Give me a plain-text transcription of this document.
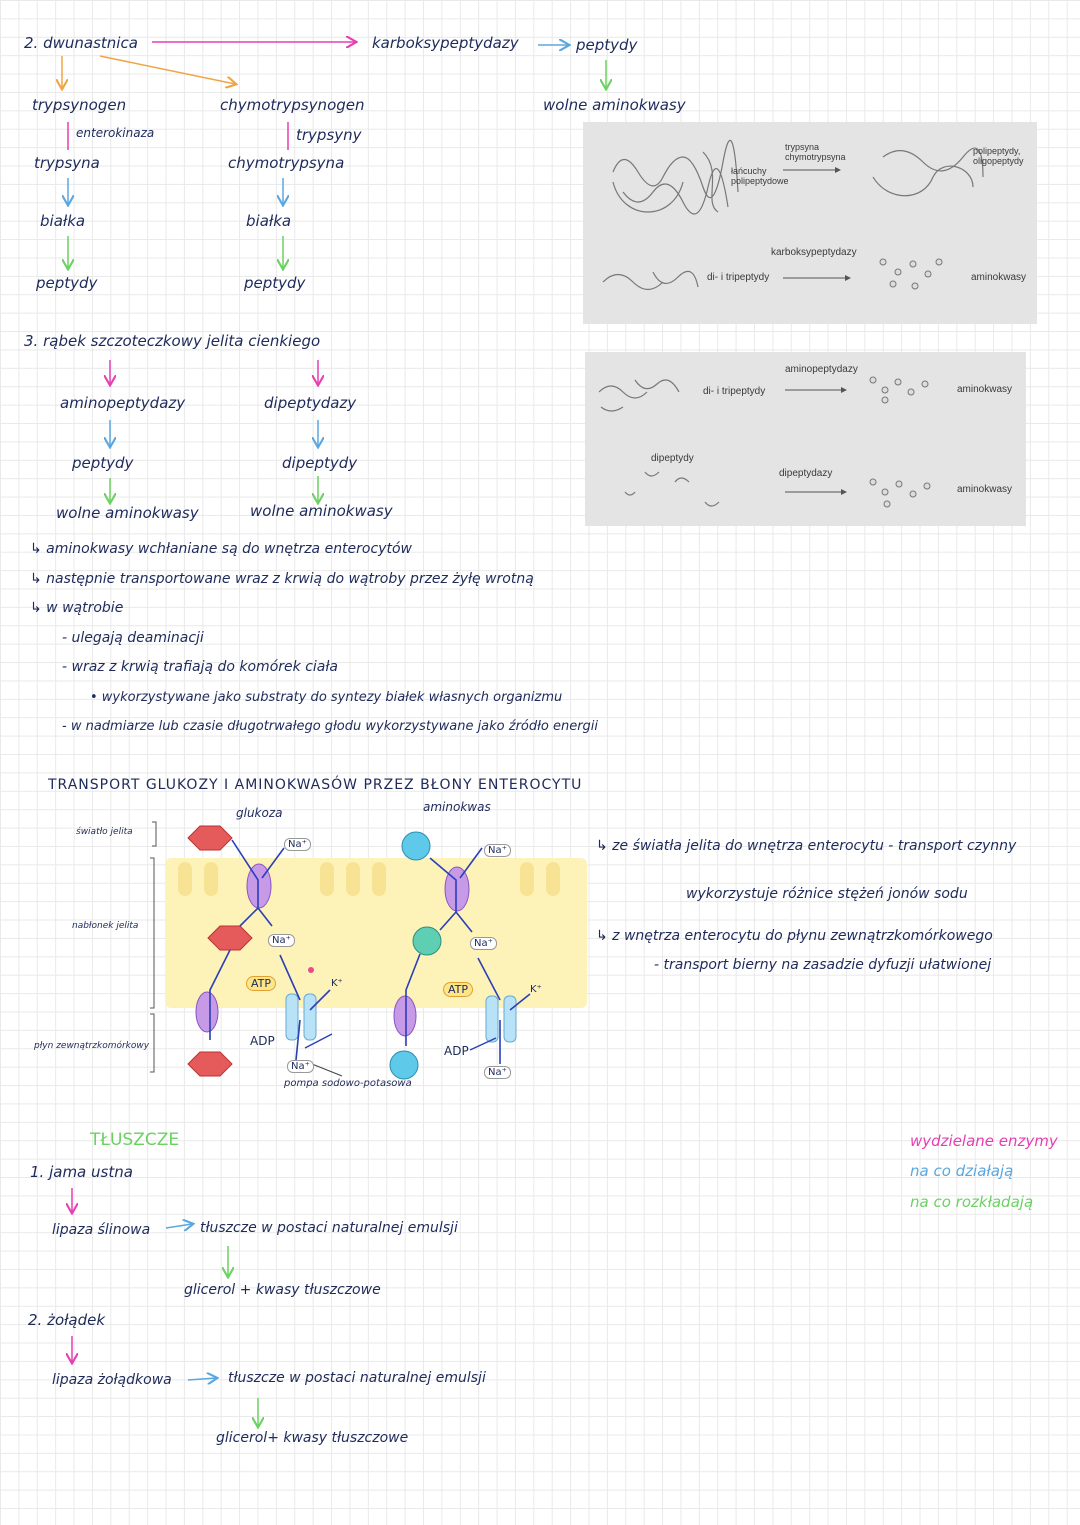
2. dwunastnica	karboksypeptydazy	peptydy
wolne aminokwasy
trypsynogen
enterokinaza
trypsyna
białka
peptydy
chymotrypsynogen
trypsyny
chymotrypsyna
białka
peptydy
3. rąbek szczoteczkowy jelita cienkiego
aminopeptydazy
peptydy
wolne aminokwasy
dipeptydazy
dipeptydy
wolne aminokwasy
↳ aminokwasy wchłaniane są do wnętrza enterocytów
↳ następnie transportowane wraz z krwią do wątroby przez żyłę wrotną
↳ w wątrobie
- ulegają deaminacji
- wraz z krwią trafiają do komórek ciała
• wykorzystywane jako substraty do syntezy białek własnych organizmu
- w nadmiarze lub czasie długotrwałego głodu wykorzystywane jako źródło energii
łańcuchy polipeptydowe
trypsyna chymotrypsyna
polipeptydy, oligopeptydy
di- i tripeptydy
karboksypeptydazy
aminokwasy
di- i tripeptydy
aminopeptydazy
aminokwasy
dipeptydy
dipeptydazy
aminokwasy
TRANSPORT GLUKOZY I AMINOKWASÓW PRZEZ BŁONY ENTEROCYTU
światło jelita
nabłonek jelita
płyn zewnątrzkomórkowy
glukoza	aminokwas
Na⁺
Na⁺
Na⁺
Na⁺
Na⁺
Na⁺
ATP	ATP
ADP
ADP
K⁺
K⁺
pompa sodowo-potasowa
↳ ze światła jelita do wnętrza enterocytu - transport czynny
wykorzystuje różnice stężeń jonów sodu
↳ z wnętrza enterocytu do płynu zewnątrzkomórkowego
- transport bierny na zasadzie dyfuzji ułatwionej
wydzielane enzymy
na co działają
na co rozkładają
TŁUSZCZE
1. jama ustna
lipaza ślinowa	tłuszcze w postaci naturalnej emulsji
glicerol + kwasy tłuszczowe
2. żołądek
lipaza żołądkowa	tłuszcze w postaci naturalnej emulsji
glicerol+ kwasy tłuszczowe
